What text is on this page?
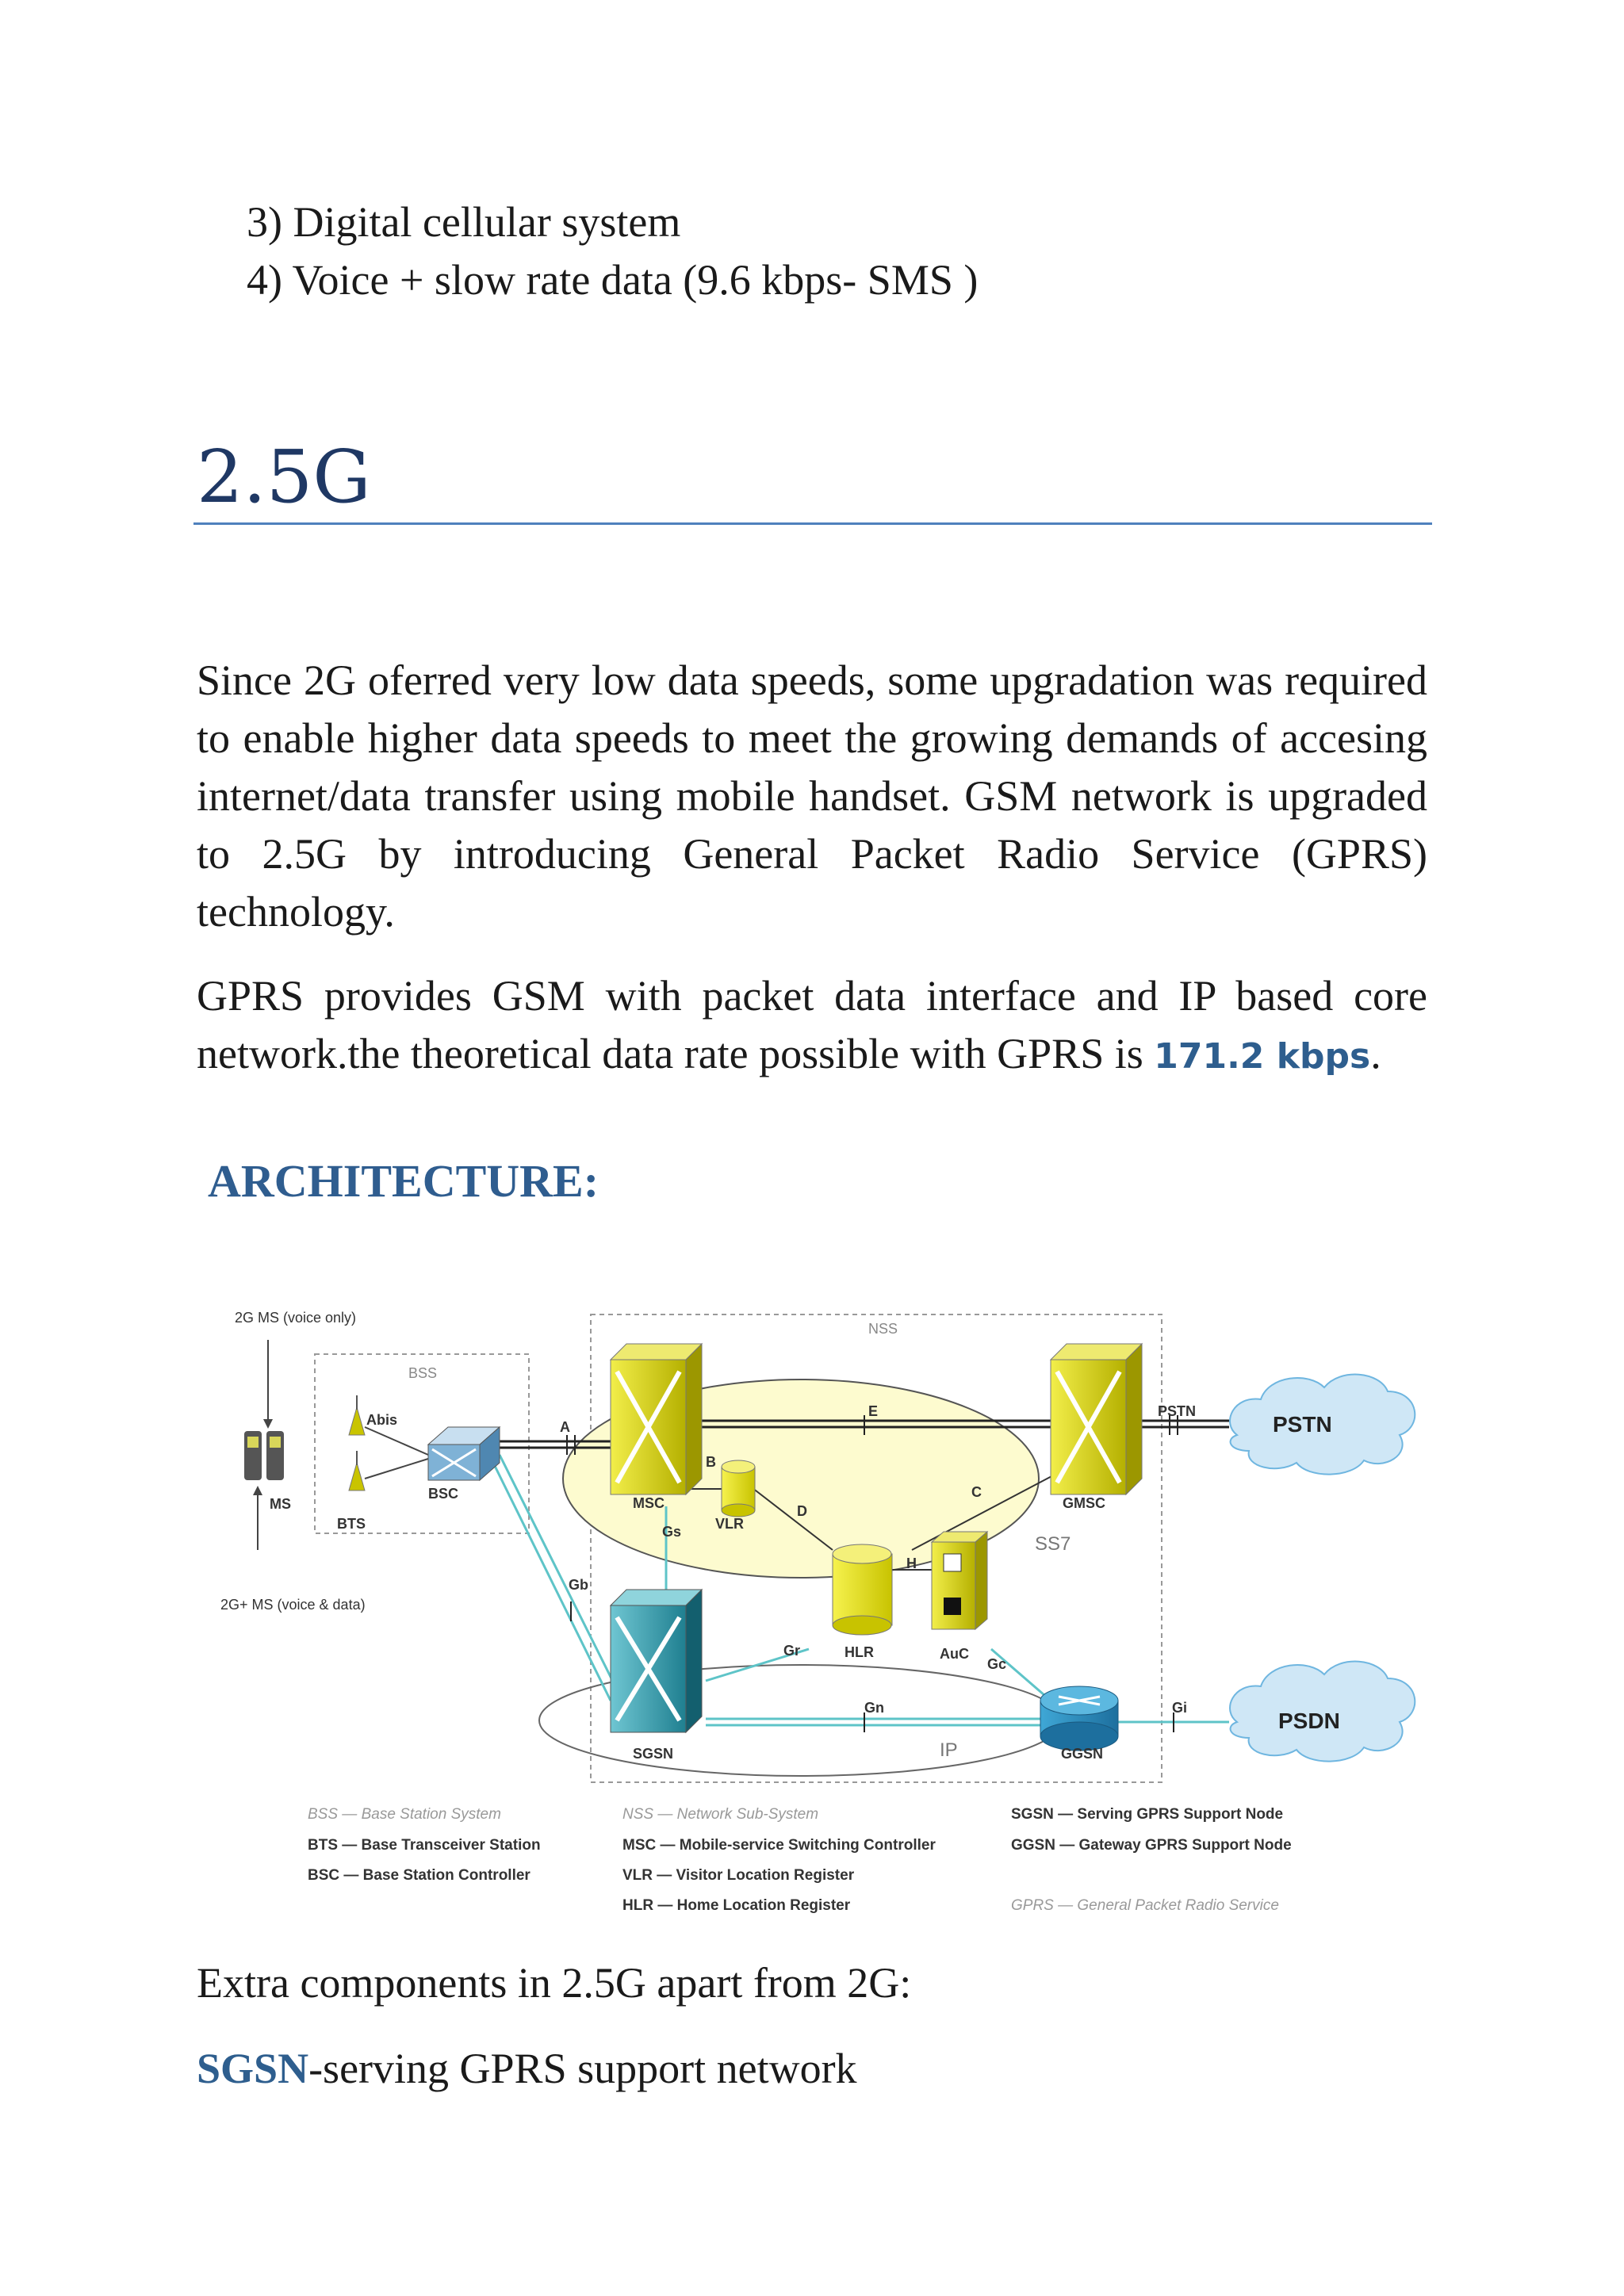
3) Digital cellular system
4) Voice + slow rate data (9.6 kbps- SMS )
2.5G
Since 2G oferred very low data speeds, some upgradation was required to enable higher data speeds to meet the growing demands of accesing internet/data transfer using mobile handset. GSM network is upgraded to 2.5G by introducing General Packet Radio Service (GPRS) technology.
GPRS provides GSM with packet data interface and IP based core network.the theoretical data rate possible with GPRS is 171.2 kbps.
ARCHITECTURE:
2G MS (voice only)
2G+ MS (voice & data)
MS
BSS
Abis
BTS
BSC
A
Gb
NSS
E	PSTN
PSTN
B
MSC
VLR
D
C
GMSC
SS7
Gs
H
HLR	AuC
Gr
Gc
Gn	Gi
PSDN
SGSN	IP	GGSN
BSS — Base Station System
BTS — Base Transceiver Station
BSC — Base Station Controller
NSS — Network Sub-System
MSC — Mobile-service Switching Controller
VLR — Visitor Location Register
HLR — Home Location Register
SGSN — Serving GPRS Support Node
GGSN — Gateway GPRS Support Node
GPRS — General Packet Radio Service
Extra components in 2.5G apart from 2G:
SGSN-serving GPRS support network
